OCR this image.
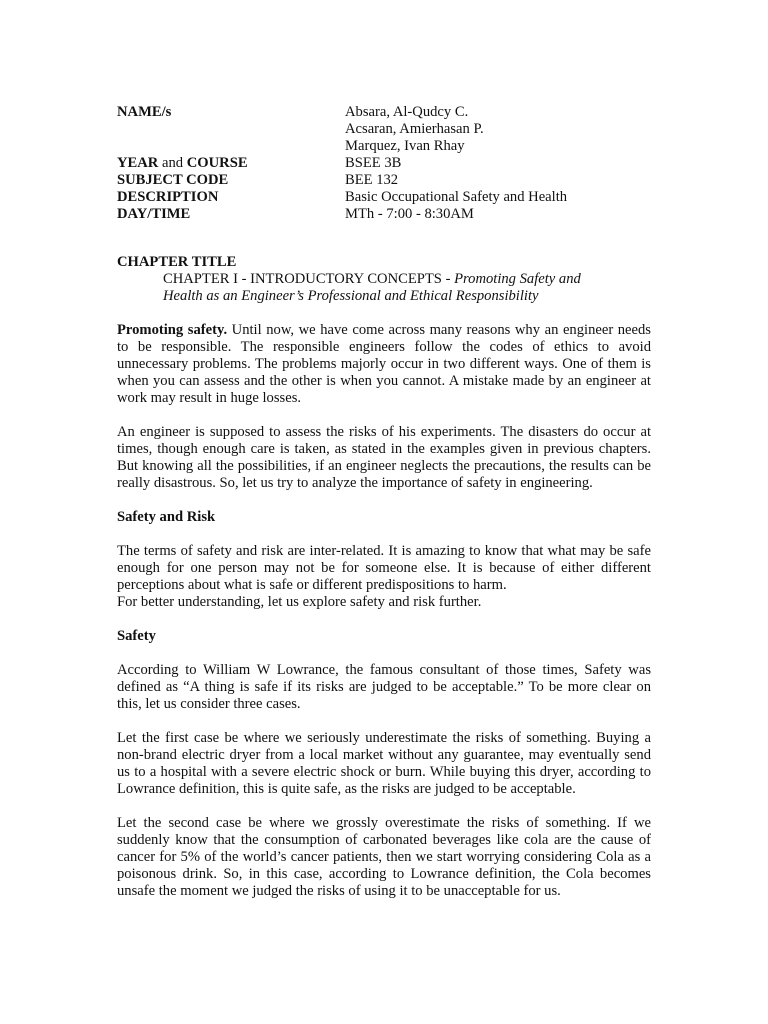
NAME/s	Absara, Al-Qudcy C.
Acsaran, Amierhasan P.
Marquez, Ivan Rhay
YEAR and COURSE	BSEE 3B
SUBJECT CODE	BEE 132
DESCRIPTION	Basic Occupational Safety and Health
DAY/TIME	MTh - 7:00 - 8:30AM
CHAPTER TITLE
CHAPTER I - INTRODUCTORY CONCEPTS - Promoting Safety and
Health as an Engineer’s Professional and Ethical Responsibility

Promoting safety. Until now, we have come across many reasons why an engineer needs to be responsible. The responsible engineers follow the codes of ethics to avoid unnecessary problems. The problems majorly occur in two different ways. One of them is when you can assess and the other is when you cannot. A mistake made by an engineer at work may result in huge losses.

An engineer is supposed to assess the risks of his experiments. The disasters do occur at times, though enough care is taken, as stated in the examples given in previous chapters. But knowing all the possibilities, if an engineer neglects the precautions, the results can be really disastrous. So, let us try to analyze the importance of safety in engineering.

Safety and Risk

The terms of safety and risk are inter-related. It is amazing to know that what may be safe enough for one person may not be for someone else. It is because of either different perceptions about what is safe or different predispositions to harm.

For better understanding, let us explore safety and risk further.

Safety

According to William W Lowrance, the famous consultant of those times, Safety was defined as “A thing is safe if its risks are judged to be acceptable.” To be more clear on this, let us consider three cases.

Let the first case be where we seriously underestimate the risks of something. Buying a non-brand electric dryer from a local market without any guarantee, may eventually send us to a hospital with a severe electric shock or burn. While buying this dryer, according to Lowrance definition, this is quite safe, as the risks are judged to be acceptable.

Let the second case be where we grossly overestimate the risks of something. If we suddenly know that the consumption of carbonated beverages like cola are the cause of cancer for 5% of the world’s cancer patients, then we start worrying considering Cola as a poisonous drink. So, in this case, according to Lowrance definition, the Cola becomes unsafe the moment we judged the risks of using it to be unacceptable for us.
